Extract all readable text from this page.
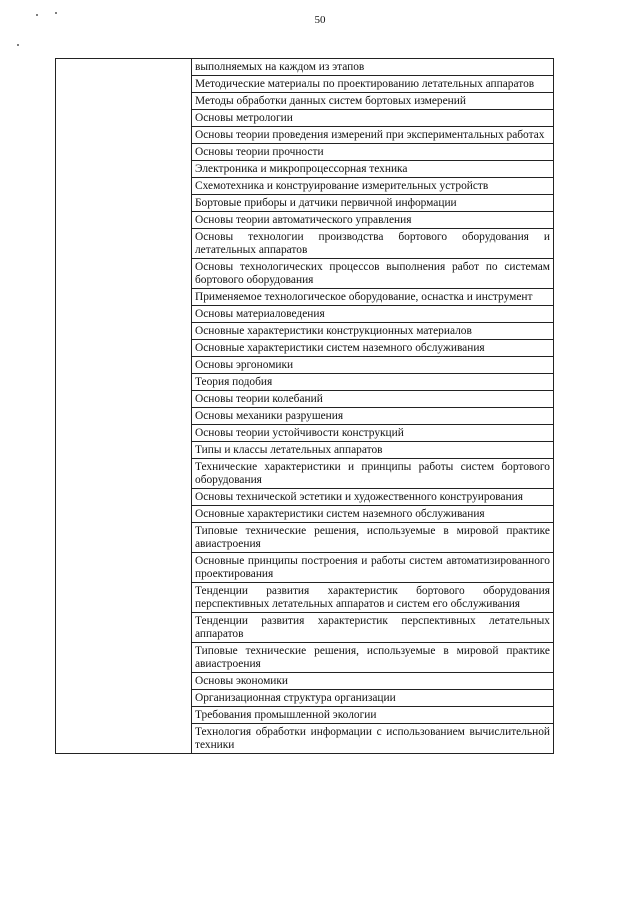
50
	выполняемых на каждом из этапов
Методические материалы по проектированию летательных аппаратов
Методы обработки данных систем бортовых измерений
Основы метрологии
Основы теории проведения измерений при экспериментальных работах
Основы теории прочности
Электроника и микропроцессорная техника
Схемотехника и конструирование измерительных устройств
Бортовые приборы и датчики первичной информации
Основы теории автоматического управления
Основы технологии производства бортового оборудования и летательных аппаратов
Основы технологических процессов выполнения работ по системам бортового оборудования
Применяемое технологическое оборудование, оснастка и инструмент
Основы материаловедения
Основные характеристики конструкционных материалов
Основные характеристики систем наземного обслуживания
Основы эргономики
Теория подобия
Основы теории колебаний
Основы механики разрушения
Основы теории устойчивости конструкций
Типы и классы летательных аппаратов
Технические характеристики и принципы работы систем бортового оборудования
Основы технической эстетики и художественного конструирования
Основные характеристики систем наземного обслуживания
Типовые технические решения, используемые в мировой практике авиастроения
Основные принципы построения и работы систем автоматизированного проектирования
Тенденции развития характеристик бортового оборудования перспективных летательных аппаратов и систем его обслуживания
Тенденции развития характеристик перспективных летательных аппаратов
Типовые технические решения, используемые в мировой практике авиастроения
Основы экономики
Организационная структура организации
Требования промышленной экологии
Технология обработки информации с использованием вычислительной техники
